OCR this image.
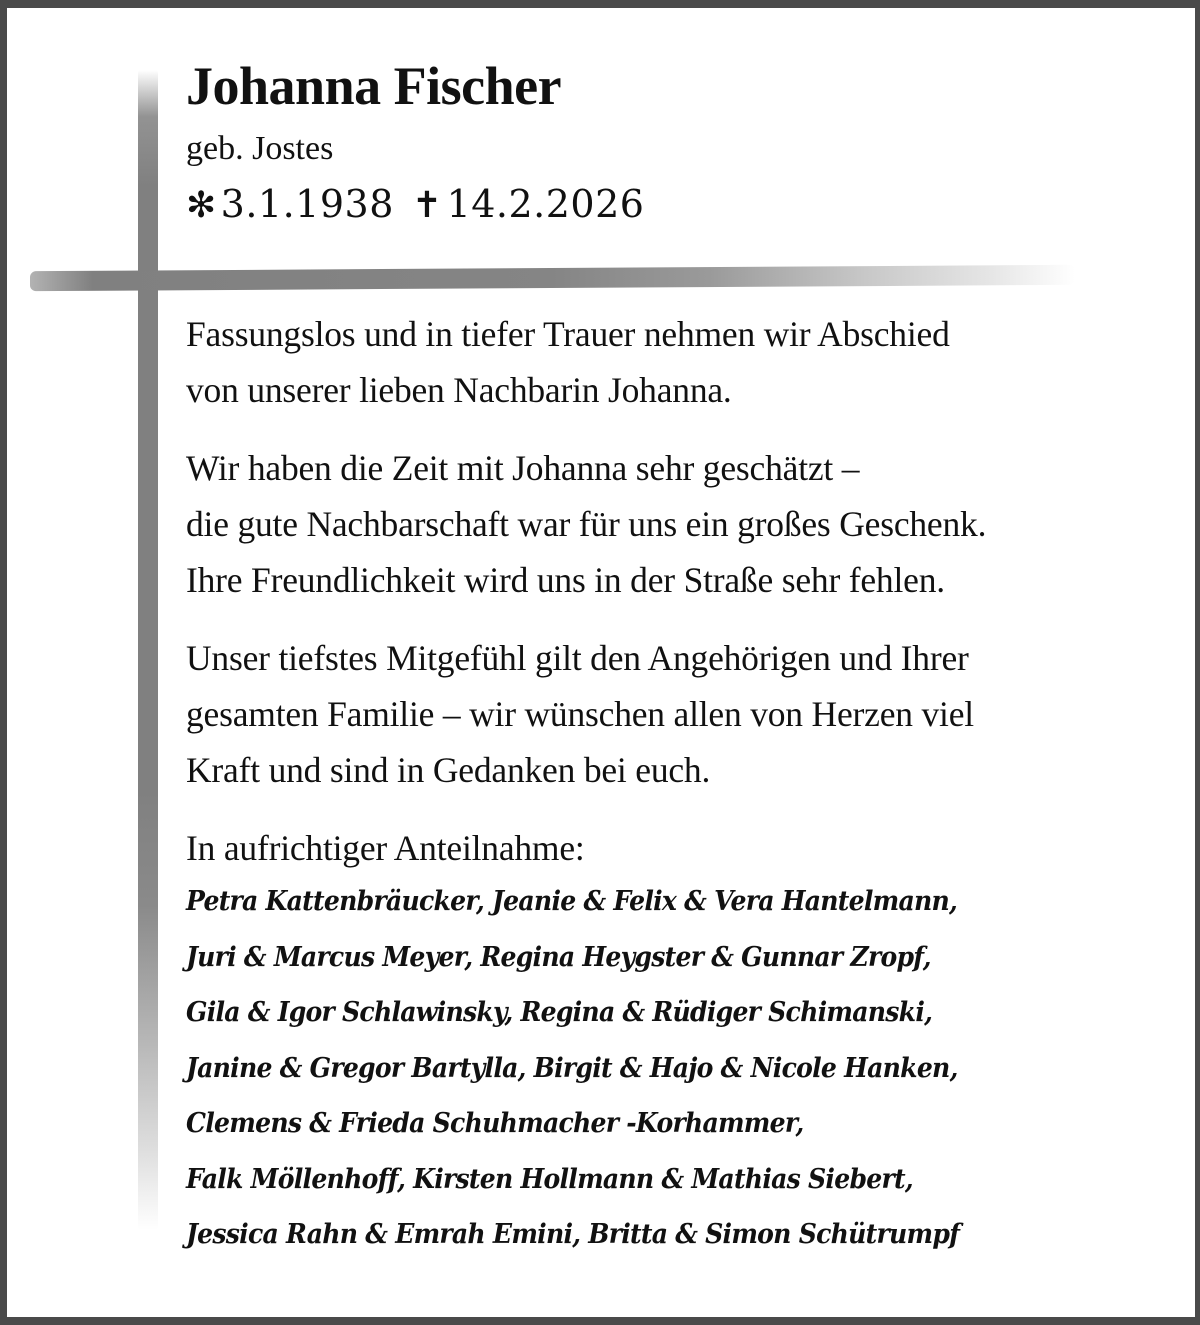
Johanna Fischer

geb. Jostes

✻ 3.1.1938 ✝ 14.2.2026

Fassungslos und in tiefer Trauer nehmen wir Abschied
von unserer lieben Nachbarin Johanna.
Wir haben die Zeit mit Johanna sehr geschätzt –
die gute Nachbarschaft war für uns ein großes Geschenk.
Ihre Freundlichkeit wird uns in der Straße sehr fehlen.
Unser tiefstes Mitgefühl gilt den Angehörigen und Ihrer
gesamten Familie – wir wünschen allen von Herzen viel
Kraft und sind in Gedanken bei euch.
In aufrichtiger Anteilnahme:
Petra Kattenbräucker, Jeanie & Felix & Vera Hantelmann,
Juri & Marcus Meyer, Regina Heygster & Gunnar Zropf,
Gila & Igor Schlawinsky, Regina & Rüdiger Schimanski,
Janine & Gregor Bartylla, Birgit & Hajo & Nicole Hanken,
Clemens & Frieda Schuhmacher -Korhammer,
Falk Möllenhoff, Kirsten Hollmann & Mathias Siebert,
Jessica Rahn & Emrah Emini, Britta & Simon Schütrumpf
